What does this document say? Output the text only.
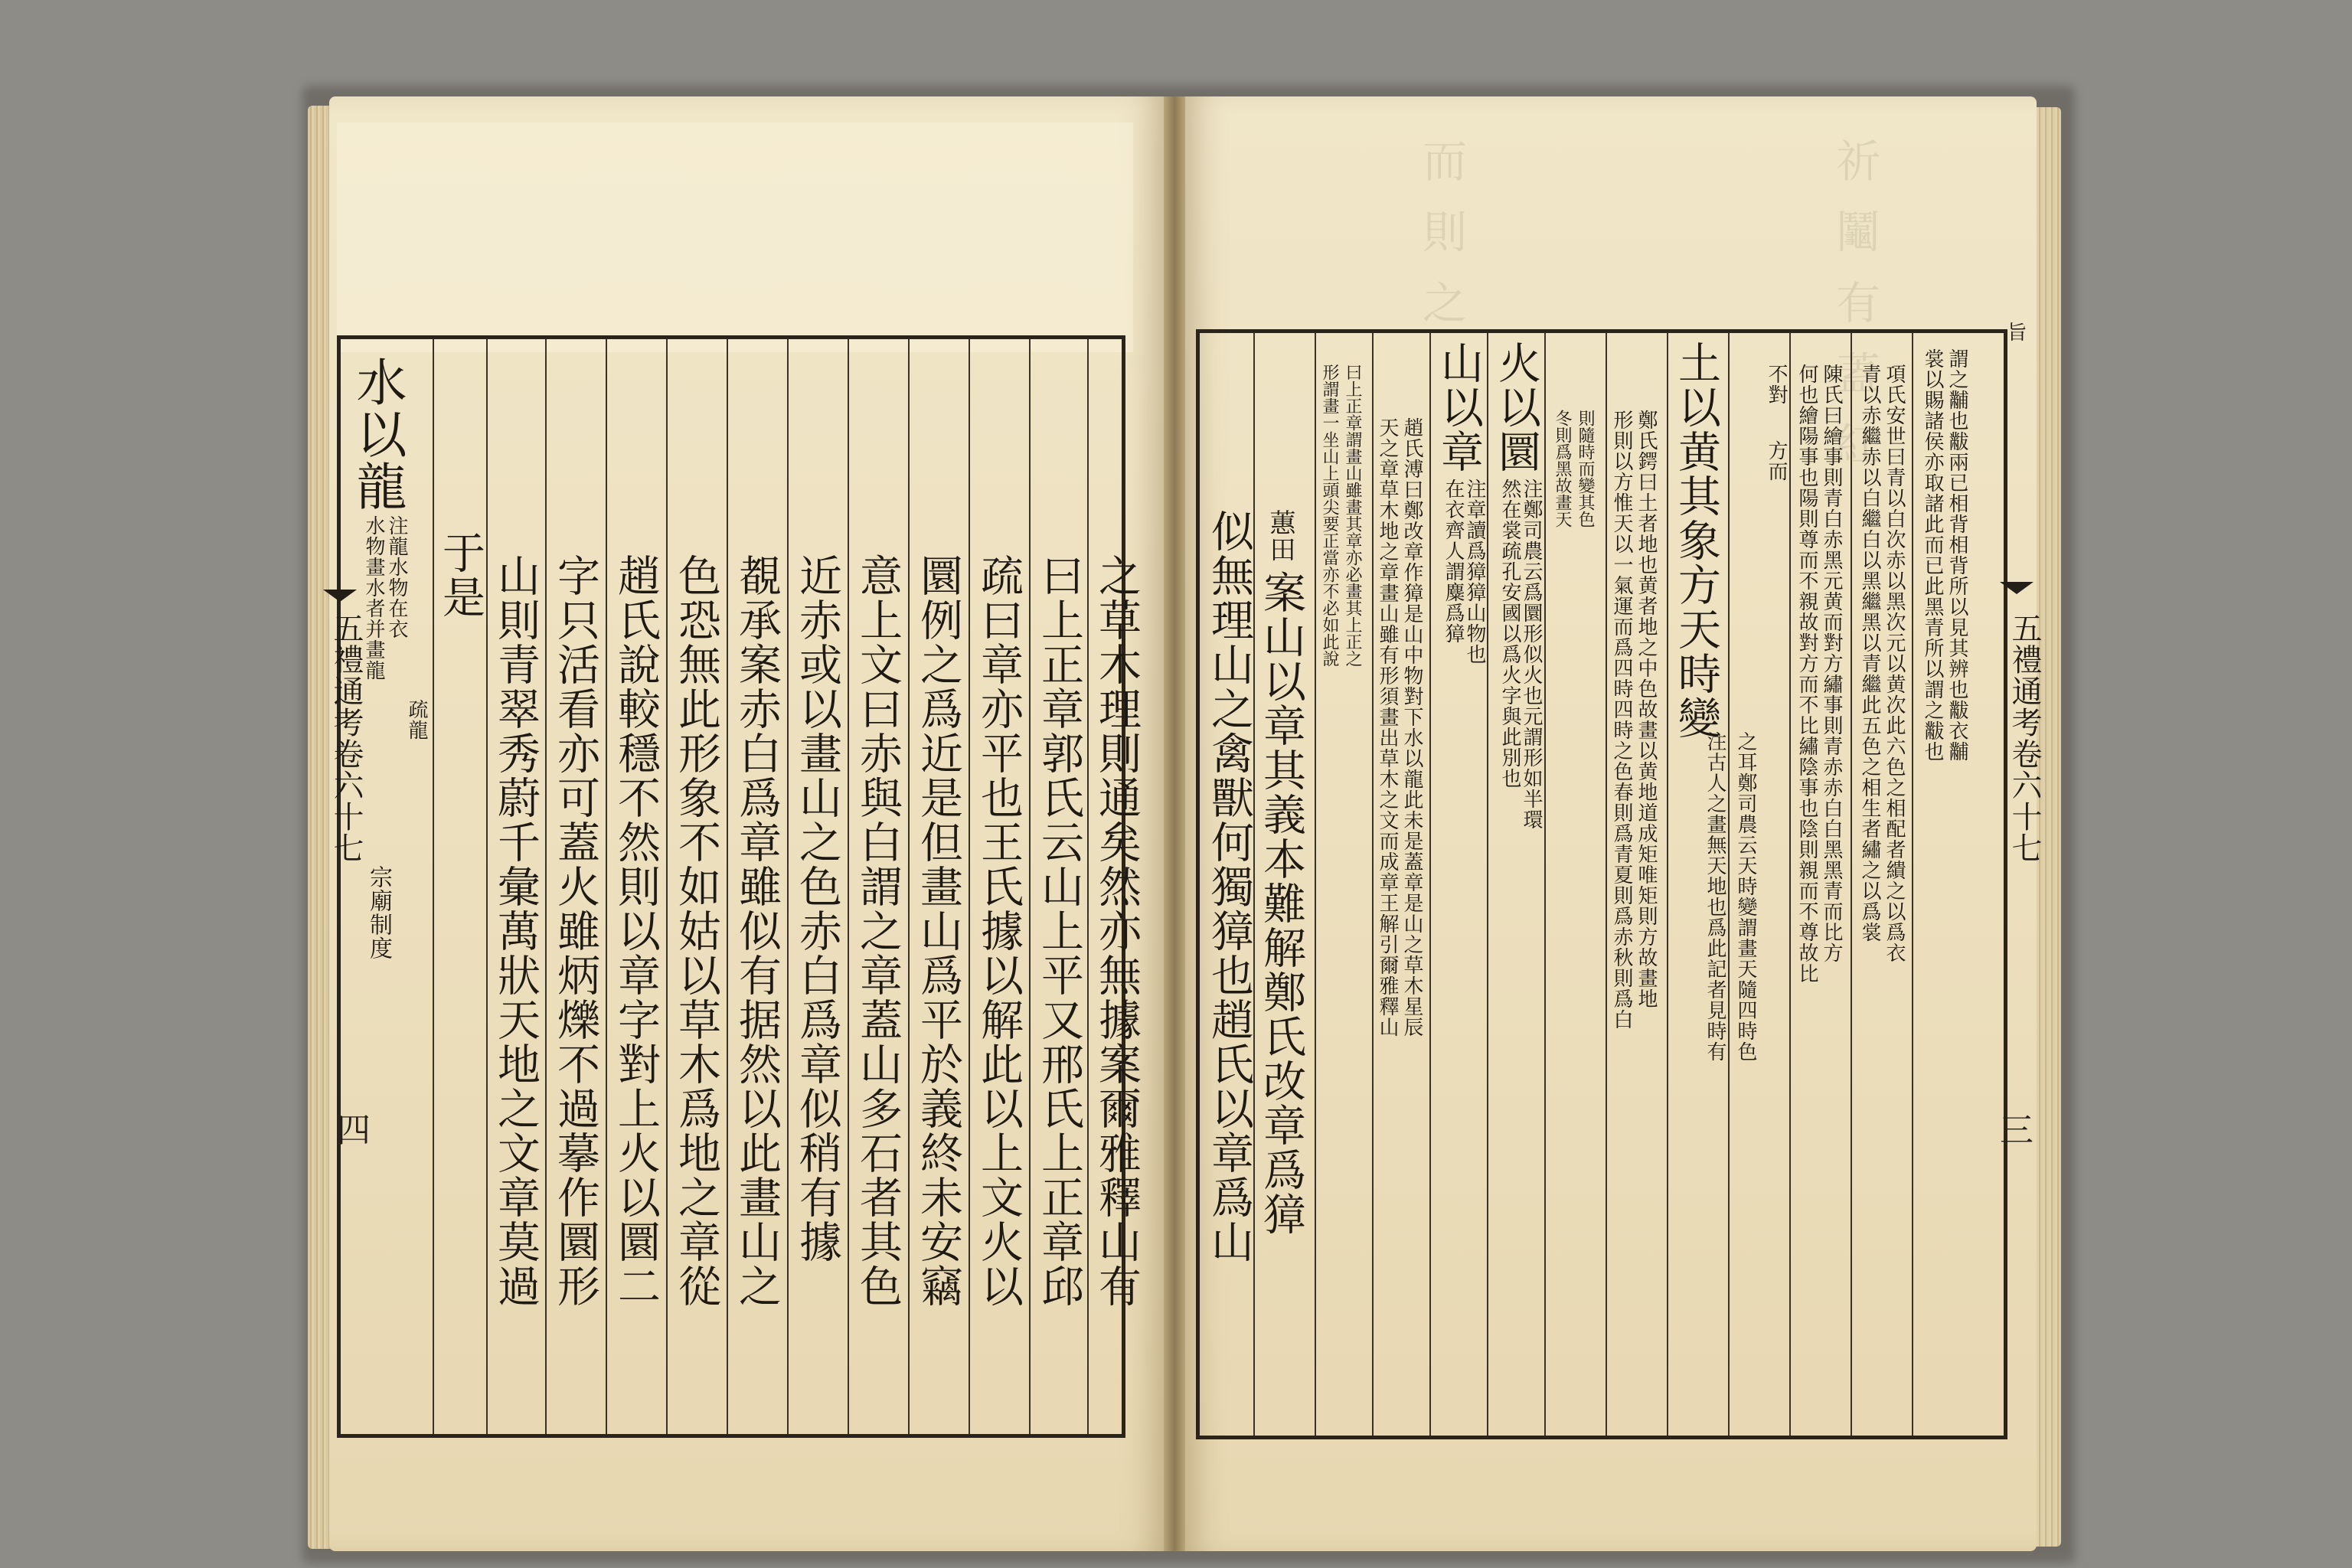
祈 鬮 有 蓋 紅
而 則 之
水以龍
注龍水物在衣
水物畫水者并畫龍
疏龍
于是 山則青翠秀蔚千彙萬狀天地之文章莫過 字只活看亦可蓋火雖炳爍不過摹作圜形 趙氏說較穩不然則以章字對上火以圜二 色恐無此形象不如姑以草木爲地之章從 覩承案赤白爲章雖似有据然以此畫山之 近赤或以畫山之色赤白爲章似稍有據 意上文曰赤與白謂之章蓋山多石者其色 圜例之爲近是但畫山爲平於義終未安竊 疏曰章亦平也王氏據以解此以上文火以 曰上正章郭氏云山上平又邢氏上正章邱 之草木理則通矣然亦無據案爾雅釋山有
五禮通考卷六十七
宗廟制度
四	似無理山之禽獸何獨獐也趙氏以章爲山 蕙田
案山以章其義本難解鄭氏改章爲獐
形謂畫一坐山上頭尖要正當亦不必如此說 曰上正章謂畫山雖畫其章亦必畫其上正之 天之章草木地之章畫山雖有形須畫出草木之文而成章王解引爾雅釋山 趙氏溥曰鄭改章作獐是山中物對下水以龍此未是蓋章是山之草木星辰
山以章
注章讀爲獐獐山物也
在衣齊人謂麋爲獐
火以圜
注鄭司農云爲圜形似火也元謂形如半環
然在裳疏孔安國以爲火字與此別也
冬則爲黑故畫天 則隨時而變其色 形則以方惟天以一氣運而爲四時四時之色春則爲青夏則爲赤秋則爲白 鄭氏鍔曰土者地也黄者地之中色故畫以黄地道成矩唯矩則方故畫地 土以黄其象方天時變
注古人之畫無天地也爲此記者見時有 之耳鄭司農云天時變謂畫天隨四時色
不對
方而 何也繪陽事也陽則尊而不親故對方而不比繡陰事也陰則親而不尊故比 陳氏曰繪事則青白赤黑元黄而對方繡事則青赤赤白白黑黑青而比方 青以赤繼赤以白繼白以黑繼黑以青繼此五色之相生者繡之以爲裳 項氏安世曰青以白次赤以黑次元以黄次此六色之相配者繢之以爲衣 裳以賜諸侯亦取諸此而已此黑青所以謂之黻也 謂之黼也黻兩已相背相背所以見其辨也黻衣黼
旨
五禮通考卷六十七
三
